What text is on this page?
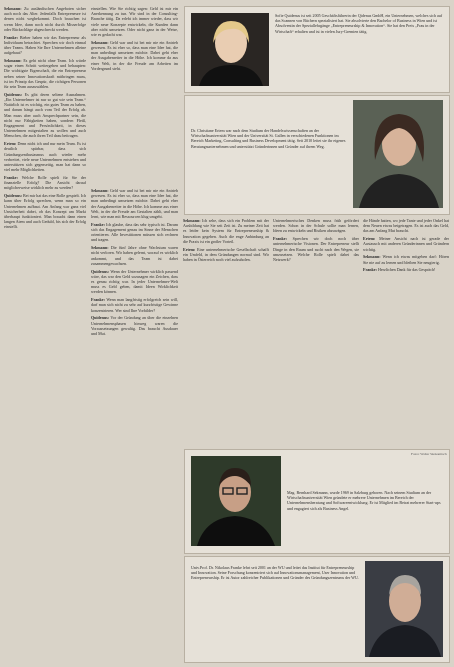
Sekmann: Zu ausländischen Angeboten sicher auch noch das Alter. Jedenfalls Entrepreneure ist denen nicht wegbekommt. Doch brauchen ist wenn Idee, dann noch nicht durch Misserfolge oder Rückschläge abgeschreckt werden.

Franke: Bieber haben wir das Entrepreneur als Individuum betrachtet. Sprechen wir doch einmal über Teams. Haben Sie Ihre Unternehmen alleine aufgebaut?

Sekmann: Es geht nicht ohne Team. Ich würde sogar einen Schritt weitergehen und behaupten: Die wichtigste Eigenschaft, die ein Entrepreneur neben seiner Innovationskraft mitbringen muss, ist im Prinzip das Gespür, die richtigen Personen für sein Team auszuwählen.

Quidenus: Es gibt deren seltene Ausnahmen. „Ein Unternehmer ist nur so gut wie sein Team.“ Natürlich ist es wichtig, ein gutes Team zu haben, und darum hängt auch vom Teil der Erfolg ab. Man muss aber auch Ansprechpartner sein, die nicht nur Fähigkeiten haben, sondern Fleiß, Engagement und Persönlichkeit, in dieses Unternehmen mitgestalten zu wollen und auch Menschen, die auch ihren Teil dazu beitragen.

Ertem: Denn nicht ich und nur mein Team. Es ist deutlich spürbar, dass sich Gründungsenthusiasmus auch wieder mehr verbreitet, viele neue Unternehmen entstehen und unterstützen sich gegenseitig, man hat dann so viel mehr Möglichkeiten.

Franke: Welche Rolle spielt für Sie der finanzielle Erfolg? Die Ansicht darauf möglicherweise wirklich mehr zu werden?

Quidenus: Bei mir hat das eine Rolle gespielt. Ich kann über Erfolg sprechen, wenn man so ein Unternehmen aufbaut. Am Anfang war ganz viel Unsicherheit dabei, ob das Konzept am Markt überhaupt funktioniert. Man braucht dann einen langen Atem und auch Geduld, bis sich der Erfolg einstellt.

einstellen. Wie Sie richtig sagen: Geld ist mir ein Anerkennung zu tun. Wir sind in der Consulting-Branche tätig. Da erlebt ich immer wieder, dass wir viele neue Konzepte entwickeln, die Kunden dann aber nicht umsetzen. Oder nicht ganz in der Weise, wie es gedacht war.

Sekmann: Geld war und ist bei mir nie ein Antrieb gewesen. Es ist eher so, dass man eine Idee hat, die man unbedingt umsetzen möchte. Dabei geht eher der Ausgabenreiter in die Höhe. Ich komme da aus einer Welt, in der die Freude am Arbeiten im Vordergrund steht.

Sekmann: Geld war und ist bei mir nie ein Antrieb gewesen. Es ist eher so, dass man eine Idee hat, die man unbedingt umsetzen möchte. Dabei geht eher der Ausgabenreiter in die Höhe. Ich komme aus einer Welt, in der die Freude am Gestalten zählt, und man lernt, wie man mit Ressourcen klug umgeht.

Franke: Ich glaube, dass das sehr typisch ist. Darum sich das Engagement genau im Sinne der Menschen orientieren. Alle Investitionen müssen sich rechnen und tragen.

Sekmann: Die fünf Jahre ohne Wachstum waren nicht verloren. Wir haben gelernt, worauf es wirklich ankommt, und das Team ist dabei zusammengewachsen.

Quidenus: Wenn der Unternehmer wirklich passend wäre, das war den Geld sozusagen ein Zeichen, dass es genau richtig war. In jeder Unternehmer-Welt muss es Geld geben, damit Ideen Wirklichkeit werden können.

Franke: Wenn man langfristig erfolgreich sein will, darf man sich nicht zu sehr auf kurzfristige Gewinne konzentrieren. Wer sind Ihre Vorbilder?

Quidenus: Vor der Gründung an über die einzelnen Unternehmensphasen hinweg waren die Voraussetzungen gewaltig. Das braucht Ausdauer und Mut.

Sofie Quidenus ist seit 2005 Geschäftsführerin der Qidenus GmbH, ein Unternehmen, welches sich auf das Scannen von Büchern spezialisiert hat. Sie absolvierte den Bachelor of Business in Wien und ist Absolventin der Speziallehrgänge „Entrepreneurship & Innovation“. Sie hat den Preis „Frau in der Wirtschaft“ erhalten und ist in vielen Jury-Gremien tätig.
Dr. Christiane Ertem war nach dem Studium der Handelswissenschaften an der Wirtschaftsuniversität Wien und der Universität St. Gallen in verschiedenen Funktionen im Bereich Marketing, Consulting und Business Development tätig. Seit 2010 leitet sie ihr eigenes Beratungsunternehmen und unterstützt Gründerinnen und Gründer auf ihrem Weg.

Sekmann: Ich sehe, dass sich ein Problem mit der Ausbildung wie Sie seit Zeit ist. Zu meiner Zeit hat es leider kein System für Entrepreneurship & Innovation gegeben. Auch die enge Anbindung an die Praxis ist ein großer Vorteil.

Ertem: Eine unternehmerische Gesellschaft schafft ein Umfeld, in dem Gründungen normal sind. Wir haben in Österreich noch viel aufzuholen.

Unternehmerisches Denken muss früh gefördert werden. Schon in der Schule sollte man lernen, Ideen zu entwickeln und Risiken abzuwägen.

Franke: Sprechen wir doch noch über unternehmerische Visionen. Der Entrepreneur stellt Dinge in den Raum und sucht nach den Wegen, sie umzusetzen. Welche Rolle spielt dabei das Netzwerk?

die Hände hatten, wo jede Tante und jeder Onkel hat dem Neuen etwas beigetragen. Es ist auch das Geld, das am Anfang Mut braucht.

Ertem: Meiner Ansicht nach ist gerade der Austausch mit anderen Gründerinnen und Gründern wichtig.

Sekmann: Wenn ich etwas mitgeben darf: Hören Sie nie auf zu lernen und bleiben Sie neugierig.

Franke: Herzlichen Dank für das Gespräch!

Mag. Bernhard Sekmann, wurde 1969 in Salzburg geboren. Nach seinem Studium an der Wirtschaftsuniversität Wien gründete er mehrere Unternehmen im Bereich der Unternehmensberatung und Softwareentwicklung. Er ist Mitglied im Beirat mehrerer Start-ups und engagiert sich als Business Angel.
Fotos: Walter Skokanitsch
Univ.Prof. Dr. Nikolaus Franke lehrt seit 2001 an der WU und leitet das Institut für Entrepreneurship und Innovation. Seine Forschung konzentriert sich auf Innovationsmanagement, User Innovation und Entrepreneurship. Er ist Autor zahlreicher Publikationen und Gründer des Gründungszentrums der WU.
